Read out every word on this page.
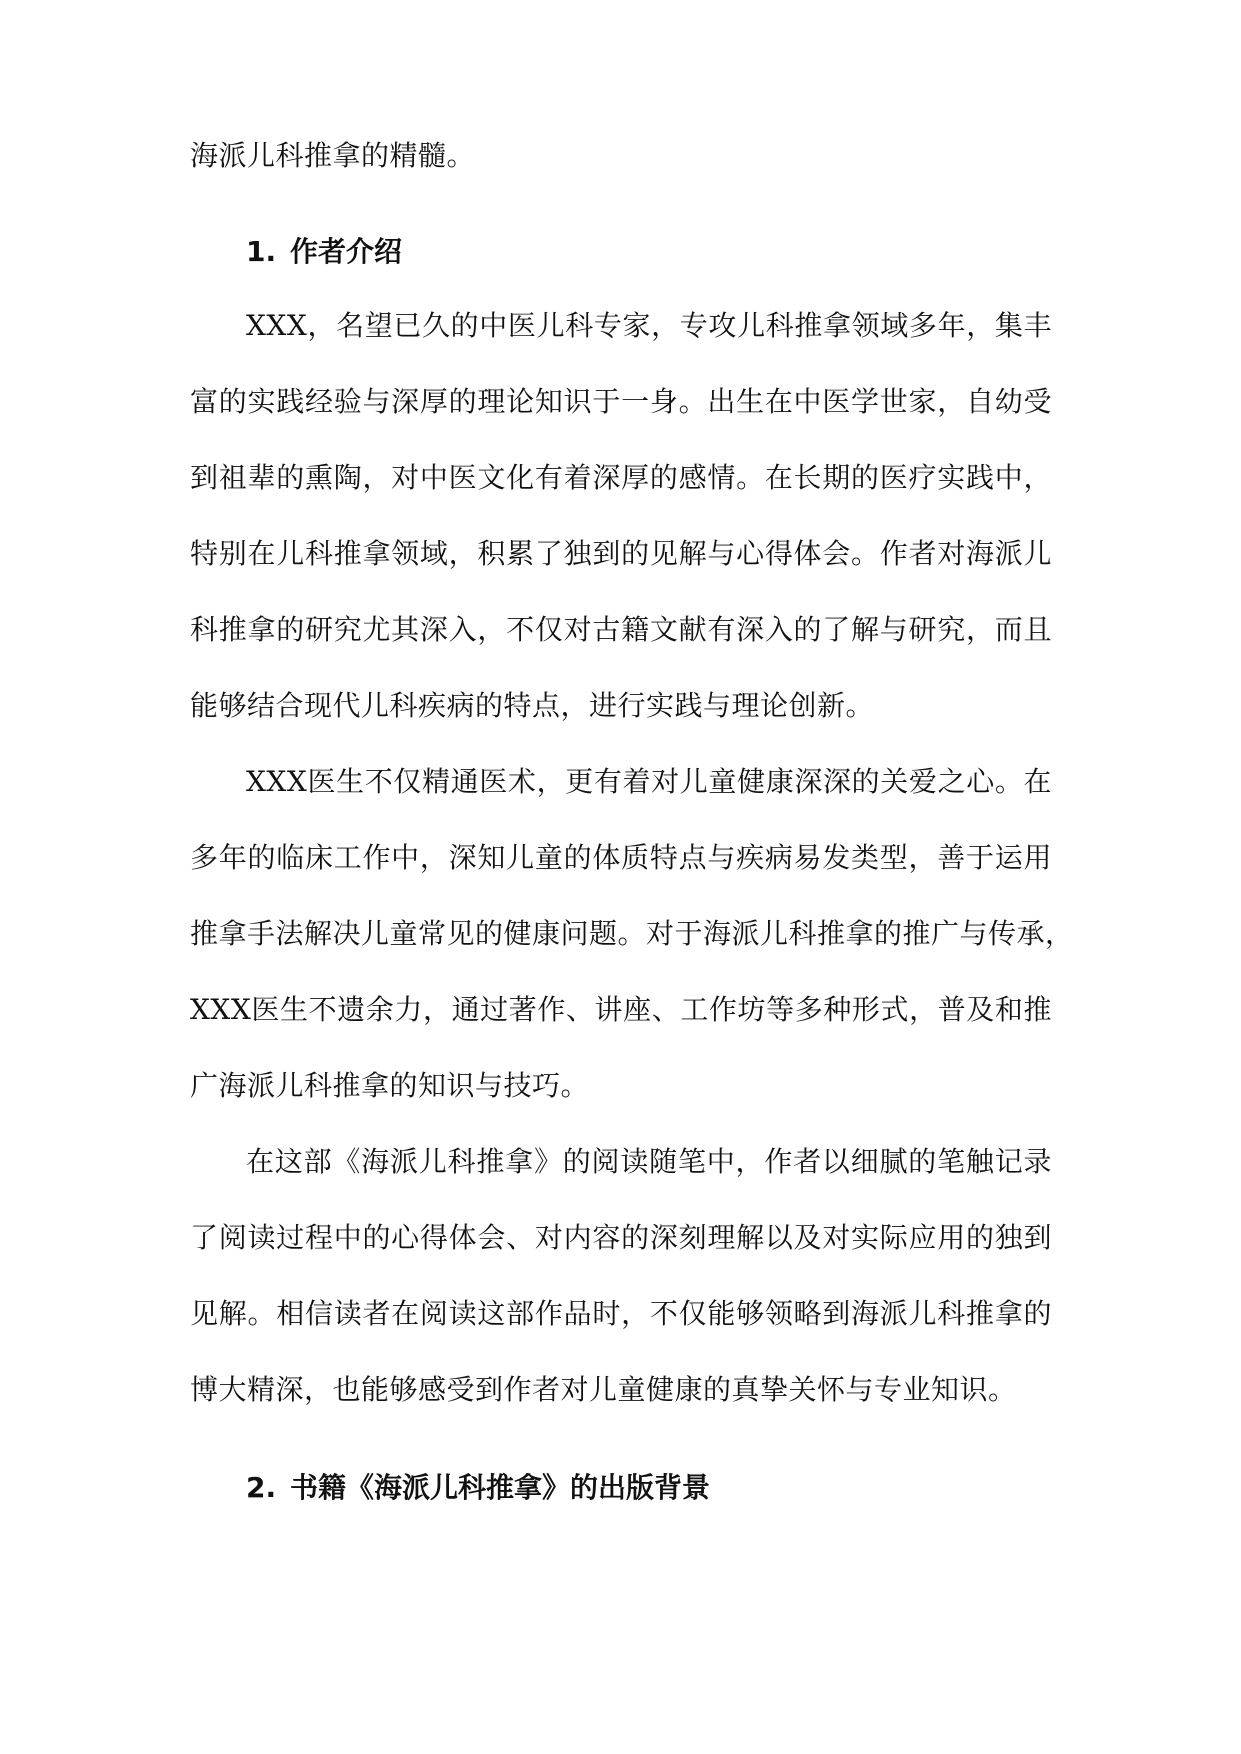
海派儿科推拿的精髓。
1. 作者介绍
XXX，名望已久的中医儿科专家，专攻儿科推拿领域多年，集丰
富的实践经验与深厚的理论知识于一身。出生在中医学世家，自幼受
到祖辈的熏陶，对中医文化有着深厚的感情。在长期的医疗实践中，
特别在儿科推拿领域，积累了独到的见解与心得体会。作者对海派儿
科推拿的研究尤其深入，不仅对古籍文献有深入的了解与研究，而且
能够结合现代儿科疾病的特点，进行实践与理论创新。
XXX医生不仅精通医术，更有着对儿童健康深深的关爱之心。在
多年的临床工作中，深知儿童的体质特点与疾病易发类型，善于运用
推拿手法解决儿童常见的健康问题。对于海派儿科推拿的推广与传承，
XXX医生不遗余力，通过著作、讲座、工作坊等多种形式，普及和推
广海派儿科推拿的知识与技巧。
在这部《海派儿科推拿》的阅读随笔中，作者以细腻的笔触记录
了阅读过程中的心得体会、对内容的深刻理解以及对实际应用的独到
见解。相信读者在阅读这部作品时，不仅能够领略到海派儿科推拿的
博大精深，也能够感受到作者对儿童健康的真挚关怀与专业知识。
2. 书籍《海派儿科推拿》的出版背景
